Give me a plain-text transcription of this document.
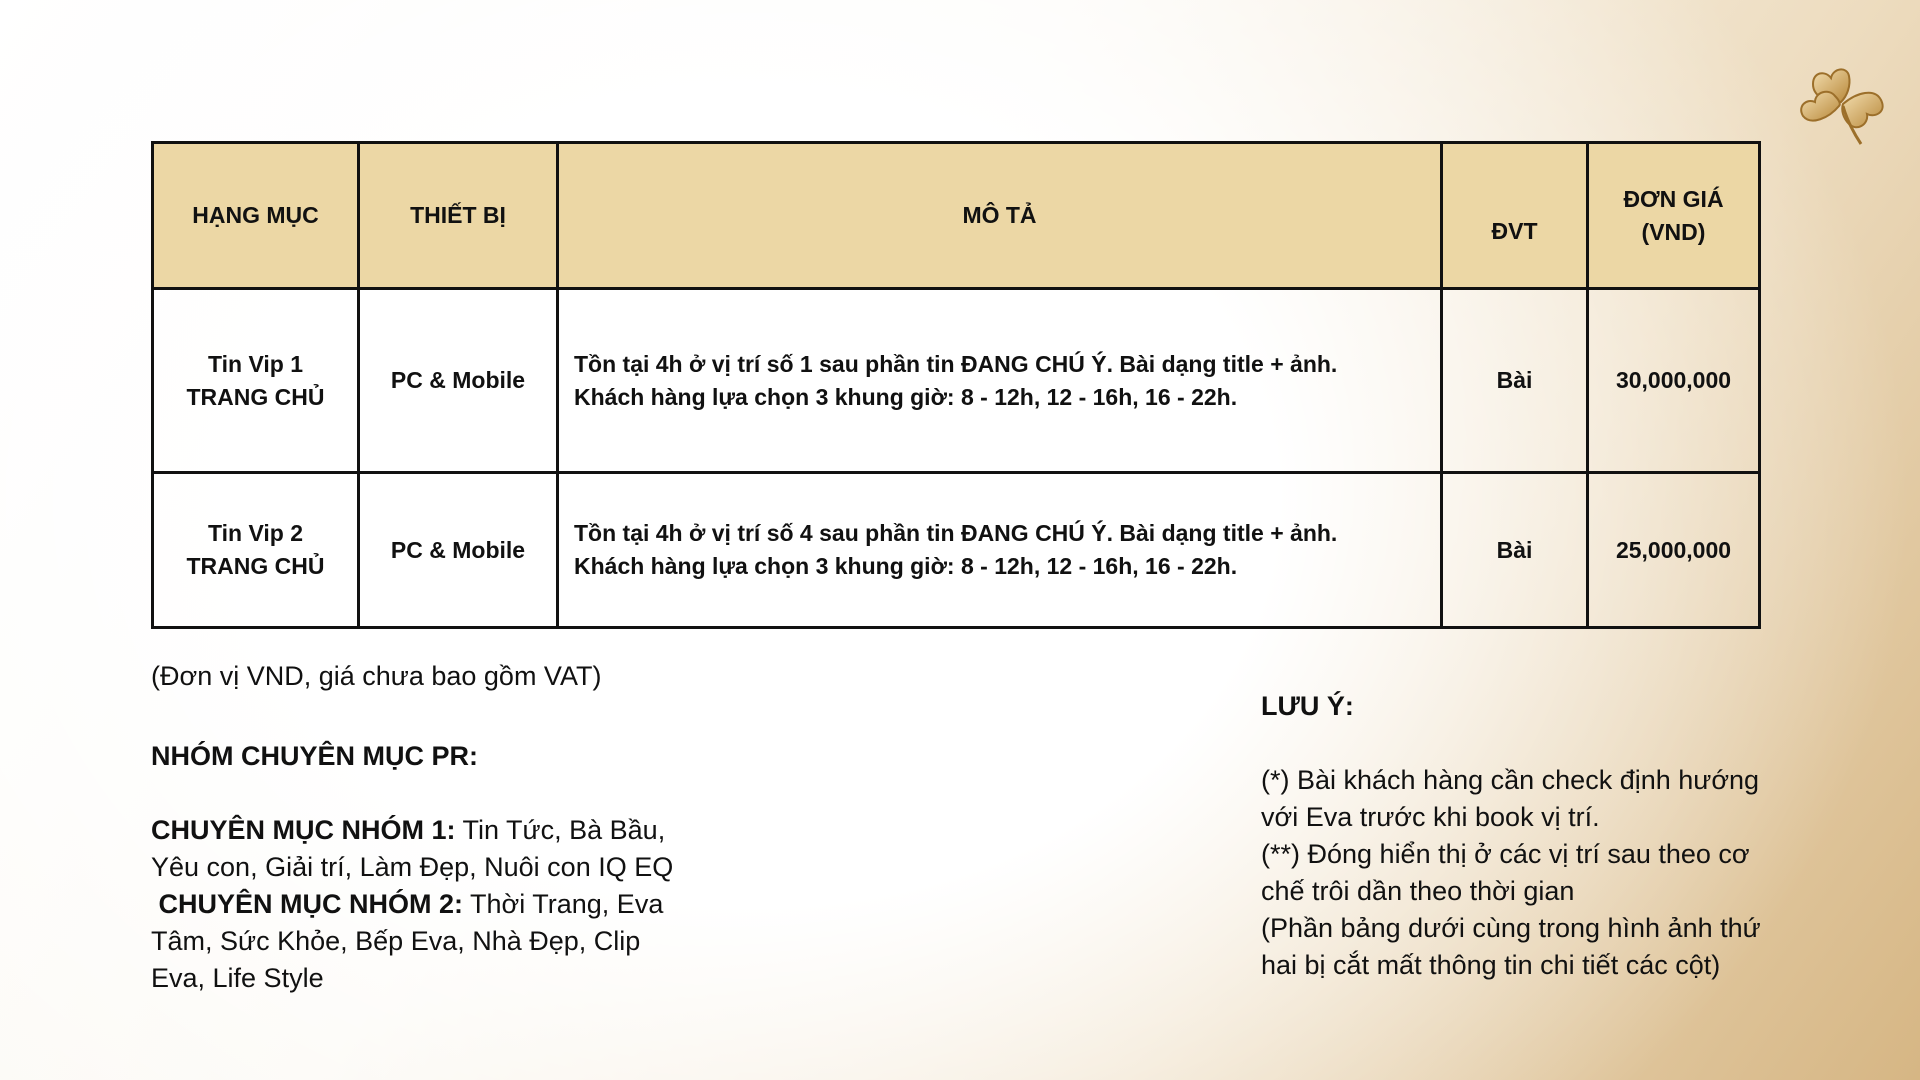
HẠNG MỤC	THIẾT BỊ	MÔ TẢ	ĐVT	ĐƠN GIÁ
(VND)

Tin Vip 1
TRANG CHỦ	PC & Mobile	Tồn tại 4h ở vị trí số 1 sau phần tin ĐANG CHÚ Ý. Bài dạng title + ảnh.
Khách hàng lựa chọn 3 khung giờ: 8 - 12h, 12 - 16h, 16 - 22h.	Bài	30,000,000

Tin Vip 2
TRANG CHỦ	PC & Mobile	Tồn tại 4h ở vị trí số 4 sau phần tin ĐANG CHÚ Ý. Bài dạng title + ảnh.
Khách hàng lựa chọn 3 khung giờ: 8 - 12h, 12 - 16h, 16 - 22h.	Bài	25,000,000
(Đơn vị VND, giá chưa bao gồm VAT)

NHÓM CHUYÊN MỤC PR:

CHUYÊN MỤC NHÓM 1: Tin Tức, Bà Bầu, Yêu con, Giải trí, Làm Đẹp, Nuôi con IQ EQ

CHUYÊN MỤC NHÓM 2: Thời Trang, Eva Tâm, Sức Khỏe, Bếp Eva, Nhà Đẹp, Clip Eva, Life Style

LƯU Ý:

(*) Bài khách hàng cần check định hướng với Eva trước khi book vị trí.

(**) Đóng hiển thị ở các vị trí sau theo cơ chế trôi dần theo thời gian

(Phần bảng dưới cùng trong hình ảnh thứ hai bị cắt mất thông tin chi tiết các cột)
